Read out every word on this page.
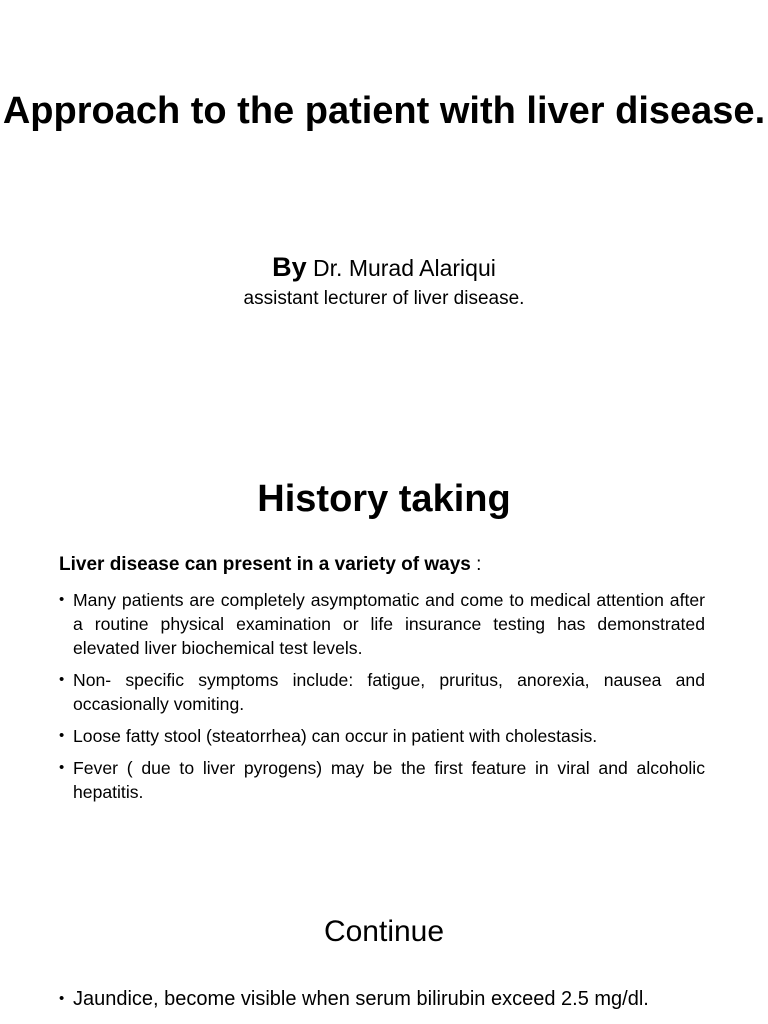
Approach to the patient with liver disease.
By Dr. Murad Alariqui
assistant lecturer of liver disease.
History taking
Liver disease can present in a variety of ways :
• Many patients are completely asymptomatic and come to medical attention after a routine physical examination or life insurance testing has demonstrated elevated liver biochemical test levels.
• Non- specific symptoms include: fatigue, pruritus, anorexia, nausea and occasionally vomiting.
• Loose fatty stool (steatorrhea) can occur in patient with cholestasis.
• Fever ( due to liver pyrogens) may be the first feature in viral and alcoholic hepatitis.
Continue
• Jaundice, become visible when serum bilirubin exceed 2.5 mg/dl.
